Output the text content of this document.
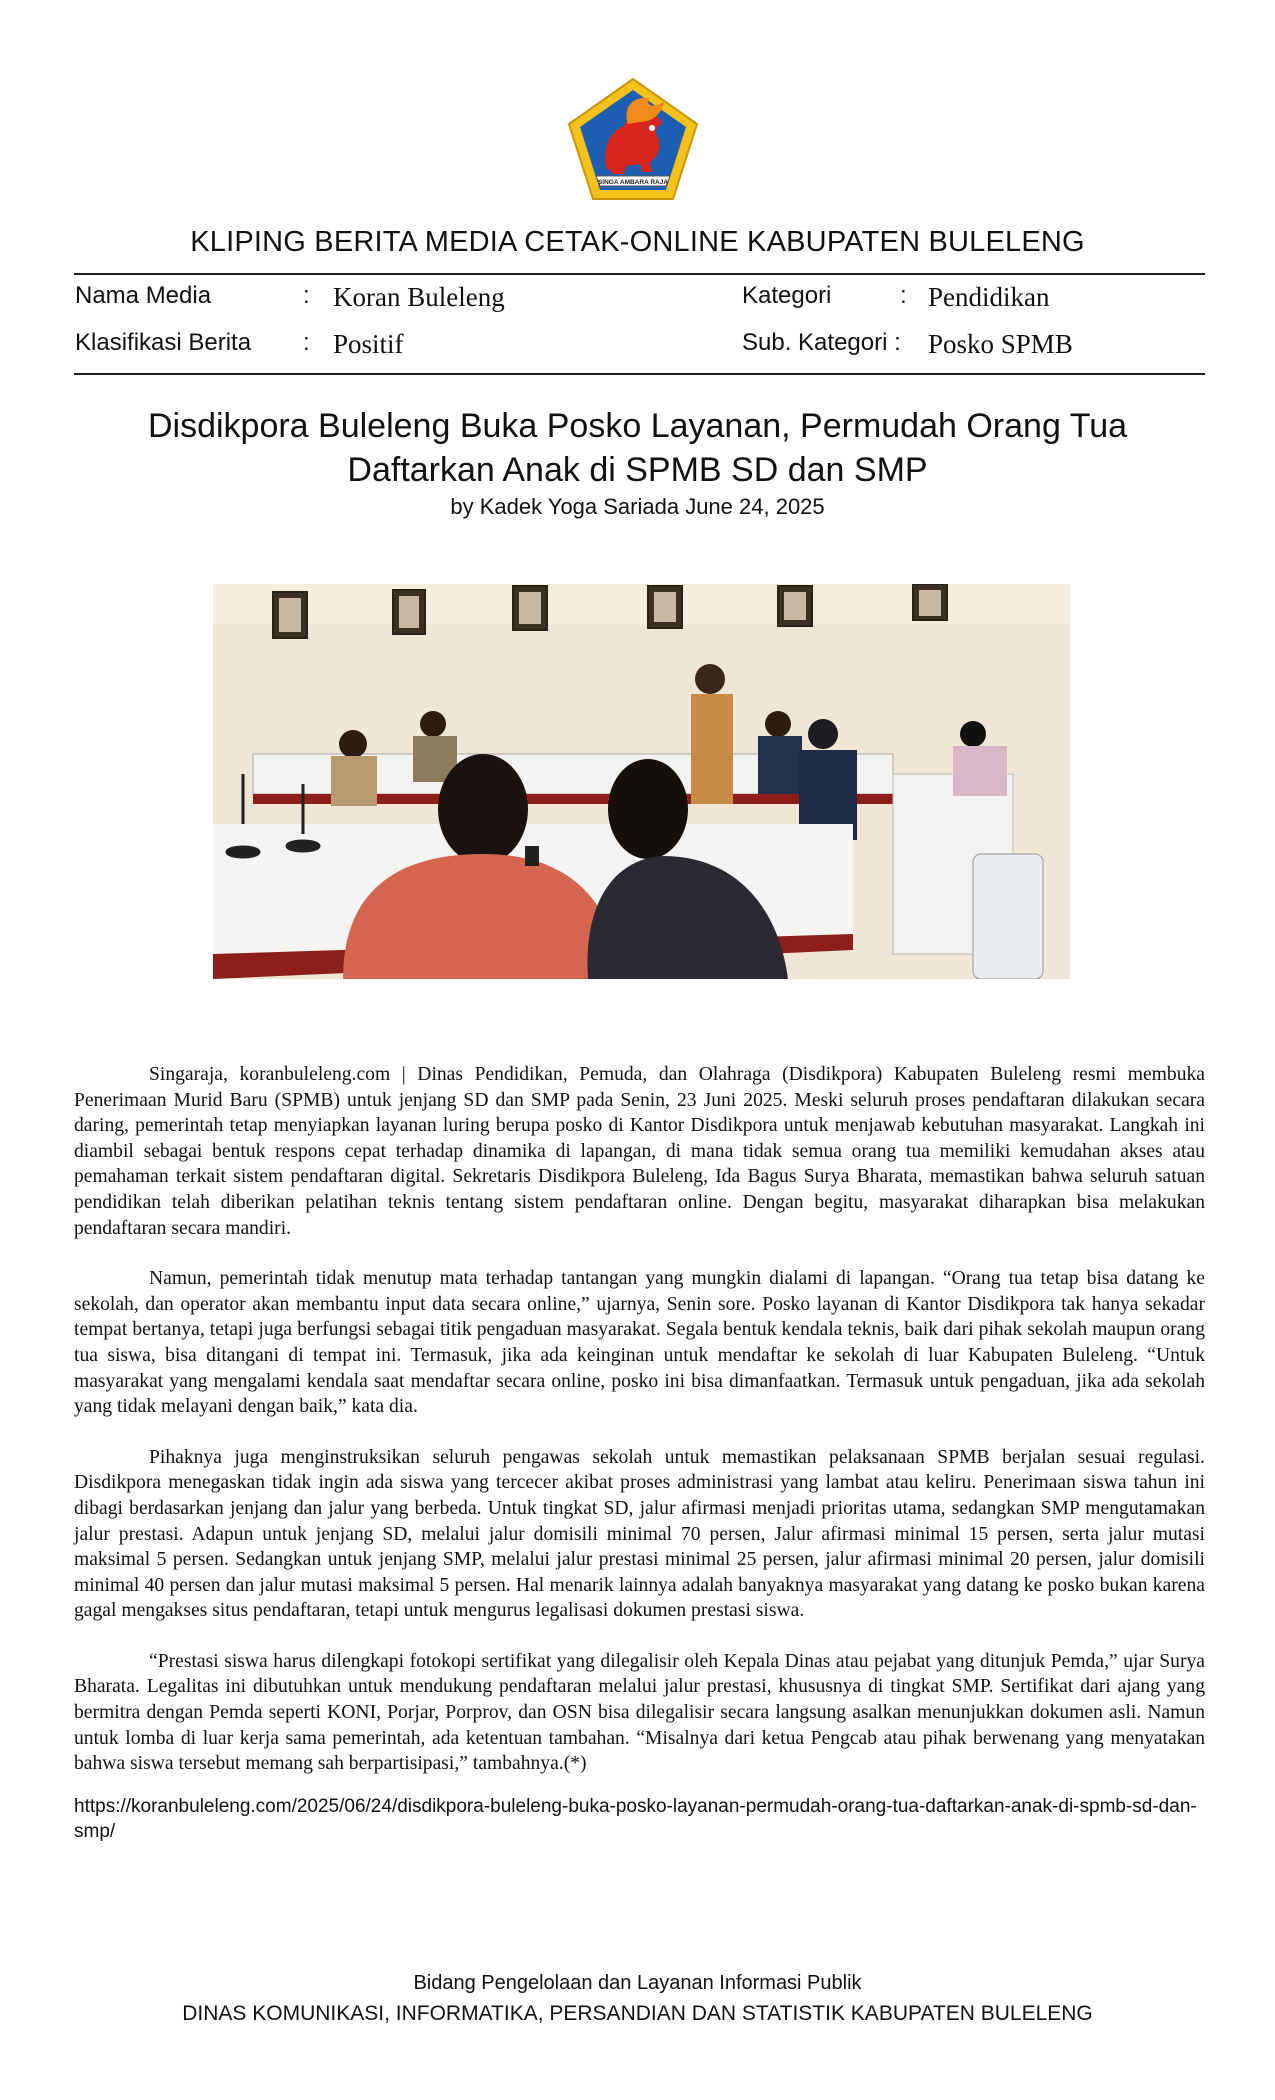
SINGA AMBARA RAJA
KLIPING BERITA MEDIA CETAK-ONLINE KABUPATEN BULELENG
Nama Media	: Koran Buleleng	Kategori	: Pendidikan
Klasifikasi Berita : Positif	Sub. Kategori : Posko SPMB
Disdikpora Buleleng Buka Posko Layanan, Permudah Orang Tua Daftarkan Anak di SPMB SD dan SMP
by Kadek Yoga Sariada June 24, 2025

Singaraja, koranbuleleng.com | Dinas Pendidikan, Pemuda, dan Olahraga (Disdikpora) Kabupaten Buleleng resmi membuka Penerimaan Murid Baru (SPMB) untuk jenjang SD dan SMP pada Senin, 23 Juni 2025. Meski seluruh proses pendaftaran dilakukan secara daring, pemerintah tetap menyiapkan layanan luring berupa posko di Kantor Disdikpora untuk menjawab kebutuhan masyarakat. Langkah ini diambil sebagai bentuk respons cepat terhadap dinamika di lapangan, di mana tidak semua orang tua memiliki kemudahan akses atau pemahaman terkait sistem pendaftaran digital. Sekretaris Disdikpora Buleleng, Ida Bagus Surya Bharata, memastikan bahwa seluruh satuan pendidikan telah diberikan pelatihan teknis tentang sistem pendaftaran online. Dengan begitu, masyarakat diharapkan bisa melakukan pendaftaran secara mandiri.

Namun, pemerintah tidak menutup mata terhadap tantangan yang mungkin dialami di lapangan. “Orang tua tetap bisa datang ke sekolah, dan operator akan membantu input data secara online,” ujarnya, Senin sore. Posko layanan di Kantor Disdikpora tak hanya sekadar tempat bertanya, tetapi juga berfungsi sebagai titik pengaduan masyarakat. Segala bentuk kendala teknis, baik dari pihak sekolah maupun orang tua siswa, bisa ditangani di tempat ini. Termasuk, jika ada keinginan untuk mendaftar ke sekolah di luar Kabupaten Buleleng. “Untuk masyarakat yang mengalami kendala saat mendaftar secara online, posko ini bisa dimanfaatkan. Termasuk untuk pengaduan, jika ada sekolah yang tidak melayani dengan baik,” kata dia.

Pihaknya juga menginstruksikan seluruh pengawas sekolah untuk memastikan pelaksanaan SPMB berjalan sesuai regulasi. Disdikpora menegaskan tidak ingin ada siswa yang tercecer akibat proses administrasi yang lambat atau keliru. Penerimaan siswa tahun ini dibagi berdasarkan jenjang dan jalur yang berbeda. Untuk tingkat SD, jalur afirmasi menjadi prioritas utama, sedangkan SMP mengutamakan jalur prestasi. Adapun untuk jenjang SD, melalui jalur domisili minimal 70 persen, Jalur afirmasi minimal 15 persen, serta jalur mutasi maksimal 5 persen. Sedangkan untuk jenjang SMP, melalui jalur prestasi minimal 25 persen, jalur afirmasi minimal 20 persen, jalur domisili minimal 40 persen dan jalur mutasi maksimal 5 persen. Hal menarik lainnya adalah banyaknya masyarakat yang datang ke posko bukan karena gagal mengakses situs pendaftaran, tetapi untuk mengurus legalisasi dokumen prestasi siswa.

“Prestasi siswa harus dilengkapi fotokopi sertifikat yang dilegalisir oleh Kepala Dinas atau pejabat yang ditunjuk Pemda,” ujar Surya Bharata. Legalitas ini dibutuhkan untuk mendukung pendaftaran melalui jalur prestasi, khususnya di tingkat SMP. Sertifikat dari ajang yang bermitra dengan Pemda seperti KONI, Porjar, Porprov, dan OSN bisa dilegalisir secara langsung asalkan menunjukkan dokumen asli. Namun untuk lomba di luar kerja sama pemerintah, ada ketentuan tambahan. “Misalnya dari ketua Pengcab atau pihak berwenang yang menyatakan bahwa siswa tersebut memang sah berpartisipasi,” tambahnya.(*)

https://koranbuleleng.com/2025/06/24/disdikpora-buleleng-buka-posko-layanan-permudah-orang-tua-daftarkan-anak-di-spmb-sd-dan-smp/
Bidang Pengelolaan dan Layanan Informasi Publik
DINAS KOMUNIKASI, INFORMATIKA, PERSANDIAN DAN STATISTIK KABUPATEN BULELENG
